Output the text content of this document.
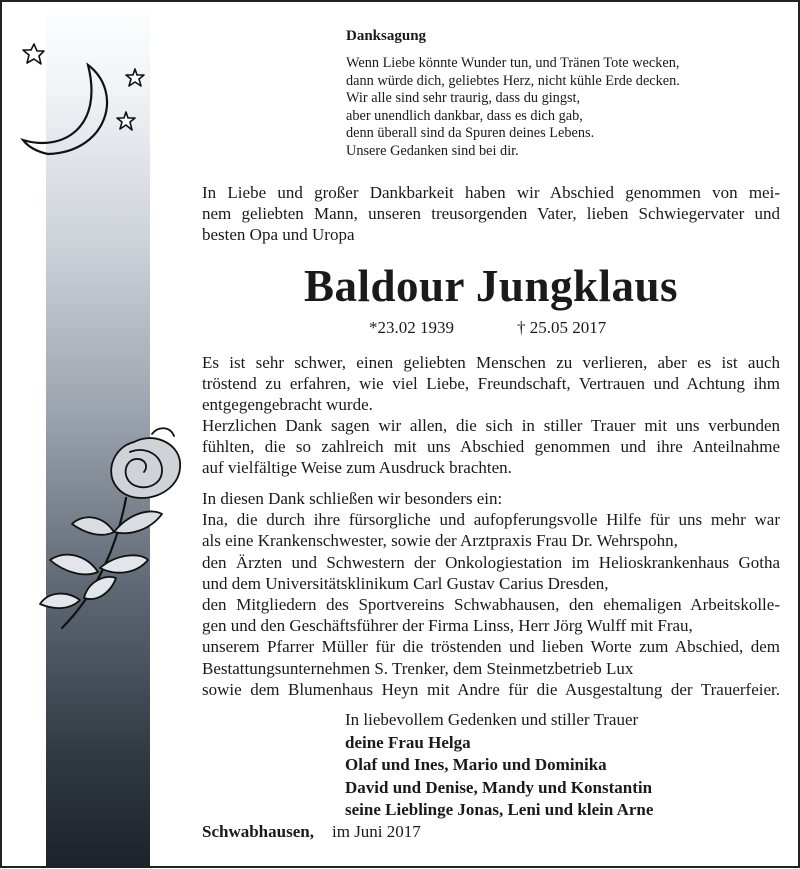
Danksagung
Wenn Liebe könnte Wunder tun, und Tränen Tote wecken,
dann würde dich, geliebtes Herz, nicht kühle Erde decken.
Wir alle sind sehr traurig, dass du gingst,
aber unendlich dankbar, dass es dich gab,
denn überall sind da Spuren deines Lebens.
Unsere Gedanken sind bei dir.
In Liebe und großer Dankbarkeit haben wir Abschied genommen von mei-
nem geliebten Mann, unseren treusorgenden Vater, lieben Schwiegervater und
besten Opa und Uropa
Baldour Jungklaus
*23.02 1939	† 25.05 2017
Es ist sehr schwer, einen geliebten Menschen zu verlieren, aber es ist auch
tröstend zu erfahren, wie viel Liebe, Freundschaft, Vertrauen und Achtung ihm
entgegengebracht wurde.
Herzlichen Dank sagen wir allen, die sich in stiller Trauer mit uns verbunden
fühlten, die so zahlreich mit uns Abschied genommen und ihre Anteilnahme
auf vielfältige Weise zum Ausdruck brachten.
In diesen Dank schließen wir besonders ein:
Ina, die durch ihre fürsorgliche und aufopferungsvolle Hilfe für uns mehr war
als eine Krankenschwester, sowie der Arztpraxis Frau Dr. Wehrspohn,
den Ärzten und Schwestern der Onkologiestation im Helioskrankenhaus Gotha
und dem Universitätsklinikum Carl Gustav Carius Dresden,
den Mitgliedern des Sportvereins Schwabhausen, den ehemaligen Arbeitskolle-
gen und den Geschäftsführer der Firma Linss, Herr Jörg Wulff mit Frau,
unserem Pfarrer Müller für die tröstenden und lieben Worte zum Abschied, dem
Bestattungsunternehmen S. Trenker, dem Steinmetzbetrieb Lux
sowie dem Blumenhaus Heyn mit Andre für die Ausgestaltung der Trauerfeier.
In liebevollem Gedenken und stiller Trauer
deine Frau Helga
Olaf und Ines, Mario und Dominika
David und Denise, Mandy und Konstantin
seine Lieblinge Jonas, Leni und klein Arne
Schwabhausen, im Juni 2017
